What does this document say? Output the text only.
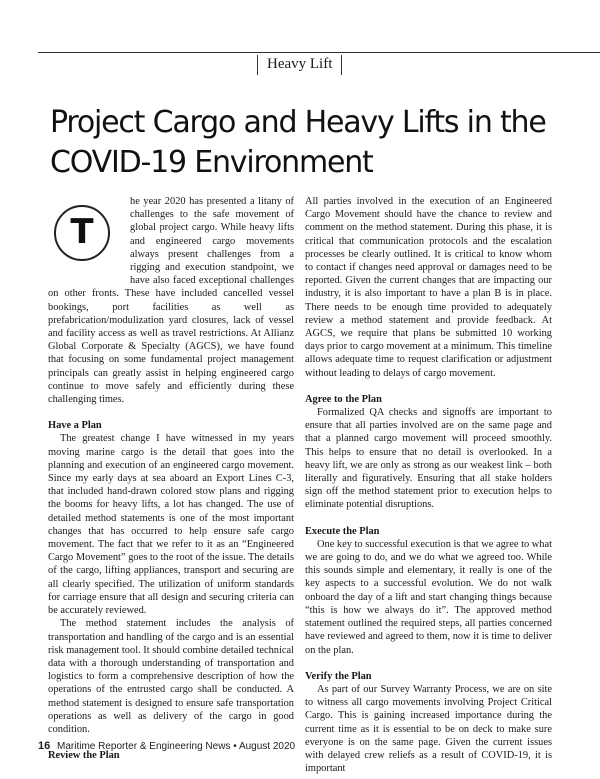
Heavy Lift
Project Cargo and Heavy Lifts in the COVID-19 Environment
T

he year 2020 has presented a litany of challenges to the safe movement of global project cargo. While heavy lifts and engineered cargo movements always present challenges from a rigging and execution standpoint, we have also faced exceptional challenges on other fronts. These have included cancelled vessel bookings, port facilities as well as prefabrication/modulization yard closures, lack of vessel and facility access as well as travel restrictions. At Allianz Global Corporate & Specialty (AGCS), we have found that focusing on some fundamental project management principals can greatly assist in helping engineered cargo continue to move safely and efficiently during these challenging times.

Have a Plan

The greatest change I have witnessed in my years moving marine cargo is the detail that goes into the planning and execution of an engineered cargo movement. Since my early days at sea aboard an Export Lines C-3, that included hand-drawn colored stow plans and rigging the booms for heavy lifts, a lot has changed. The use of detailed method statements is one of the most important changes that has occurred to help ensure safe cargo movement. The fact that we refer to it as an “Engineered Cargo Movement” goes to the root of the issue. The details of the cargo, lifting appliances, transport and securing are all clearly specified. The utilization of uniform standards for carriage ensure that all design and securing criteria can be accurately reviewed.

The method statement includes the analysis of transportation and handling of the cargo and is an essential risk management tool. It should combine detailed technical data with a thorough understanding of transportation and logistics to form a comprehensive description of how the operations of the entrusted cargo shall be conducted. A method statement is designed to ensure safe transportation operations as well as delivery of the cargo in good condition.

Review the Plan

All parties involved in the execution of an Engineered Cargo Movement should have the chance to review and comment on the method statement. During this phase, it is critical that communication protocols and the escalation processes be clearly outlined. It is critical to know whom to contact if changes need approval or damages need to be reported. Given the current changes that are impacting our industry, it is also important to have a plan B is in place. There needs to be enough time provided to adequately review a method statement and provide feedback. At AGCS, we require that plans be submitted 10 working days prior to cargo movement at a minimum. This timeline allows adequate time to request clarification or adjustment without leading to delays of cargo movement.

Agree to the Plan

Formalized QA checks and signoffs are important to ensure that all parties involved are on the same page and that a planned cargo movement will proceed smoothly. This helps to ensure that no detail is overlooked. In a heavy lift, we are only as strong as our weakest link – both literally and figuratively. Ensuring that all stake holders sign off the method statement prior to execution helps to eliminate potential disruptions.

Execute the Plan

One key to successful execution is that we agree to what we are going to do, and we do what we agreed too. While this sounds simple and elementary, it really is one of the key aspects to a successful evolution. We do not walk onboard the day of a lift and start changing things because “this is how we always do it”. The approved method statement outlined the required steps, all parties concerned have reviewed and agreed to them, now it is time to deliver on the plan.

Verify the Plan

As part of our Survey Warranty Process, we are on site to witness all cargo movements involving Project Critical Cargo. This is gaining increased importance during the current time as it is essential to be on deck to make sure everyone is on the same page. Given the current issues with delayed crew reliefs as a result of COVID-19, it is important

16 Maritime Reporter & Engineering News • August 2020
